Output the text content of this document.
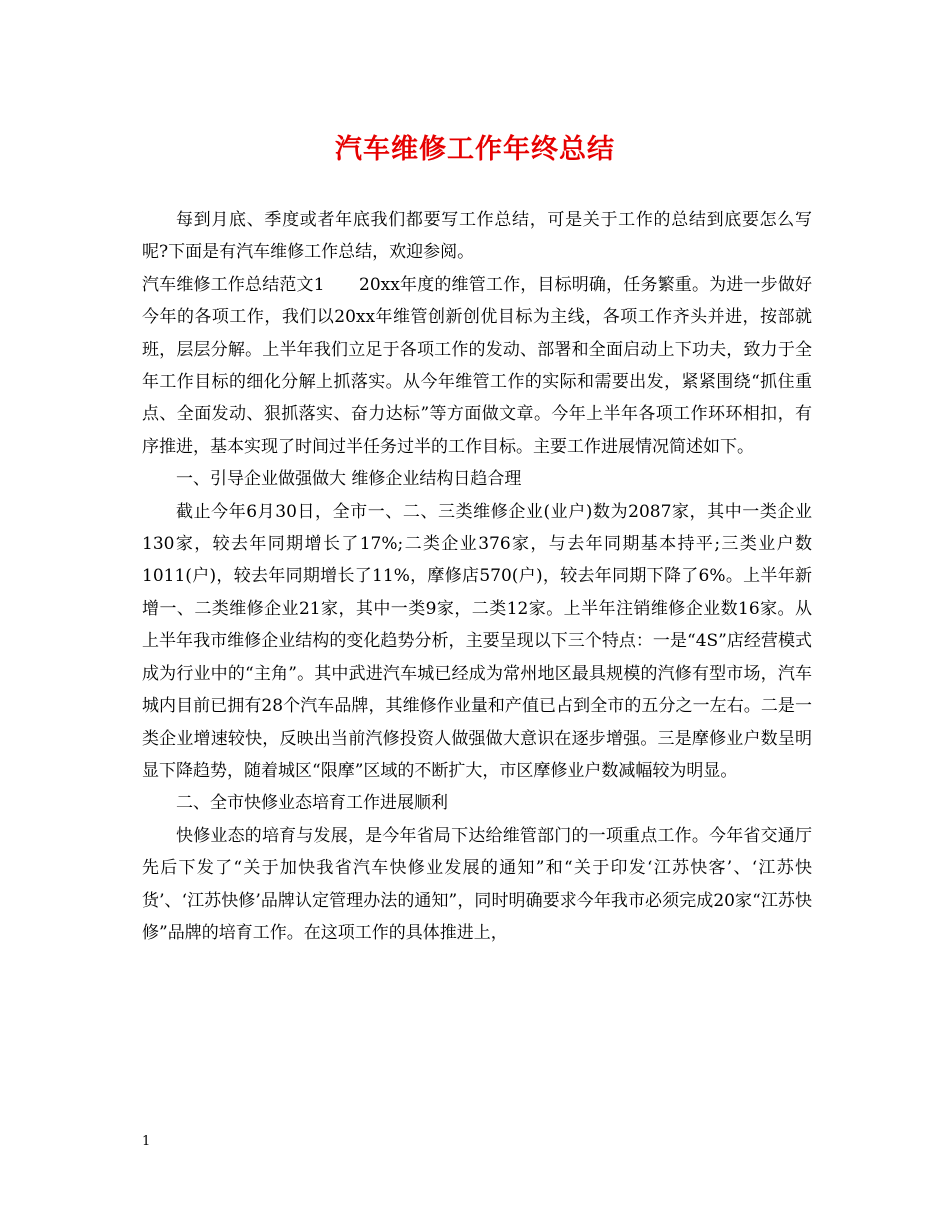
汽车维修工作年终总结

每到月底、季度或者年底我们都要写工作总结，可是关于工作的总结到底要怎么写呢?下面是有汽车维修工作总结，欢迎参阅。

汽车维修工作总结范文1　　20xx年度的维管工作，目标明确，任务繁重。为进一步做好今年的各项工作，我们以20xx年维管创新创优目标为主线，各项工作齐头并进，按部就班，层层分解。上半年我们立足于各项工作的发动、部署和全面启动上下功夫，致力于全年工作目标的细化分解上抓落实。从今年维管工作的实际和需要出发，紧紧围绕“抓住重点、全面发动、狠抓落实、奋力达标”等方面做文章。今年上半年各项工作环环相扣，有序推进，基本实现了时间过半任务过半的工作目标。主要工作进展情况简述如下。

一、引导企业做强做大 维修企业结构日趋合理

截止今年6月30日，全市一、二、三类维修企业(业户)数为2087家，其中一类企业130家，较去年同期增长了17%;二类企业376家，与去年同期基本持平;三类业户数1011(户)，较去年同期增长了11%，摩修店570(户)，较去年同期下降了6%。上半年新增一、二类维修企业21家，其中一类9家，二类12家。上半年注销维修企业数16家。从上半年我市维修企业结构的变化趋势分析，主要呈现以下三个特点：一是“4S”店经营模式成为行业中的“主角”。其中武进汽车城已经成为常州地区最具规模的汽修有型市场，汽车城内目前已拥有28个汽车品牌，其维修作业量和产值已占到全市的五分之一左右。二是一类企业增速较快，反映出当前汽修投资人做强做大意识在逐步增强。三是摩修业户数呈明显下降趋势，随着城区“限摩”区域的不断扩大，市区摩修业户数减幅较为明显。

二、全市快修业态培育工作进展顺利

快修业态的培育与发展，是今年省局下达给维管部门的一项重点工作。今年省交通厅先后下发了“关于加快我省汽车快修业发展的通知”和“关于印发‘江苏快客’、‘江苏快货’、‘江苏快修’品牌认定管理办法的通知”，同时明确要求今年我市必须完成20家“江苏快修”品牌的培育工作。在这项工作的具体推进上，

1
